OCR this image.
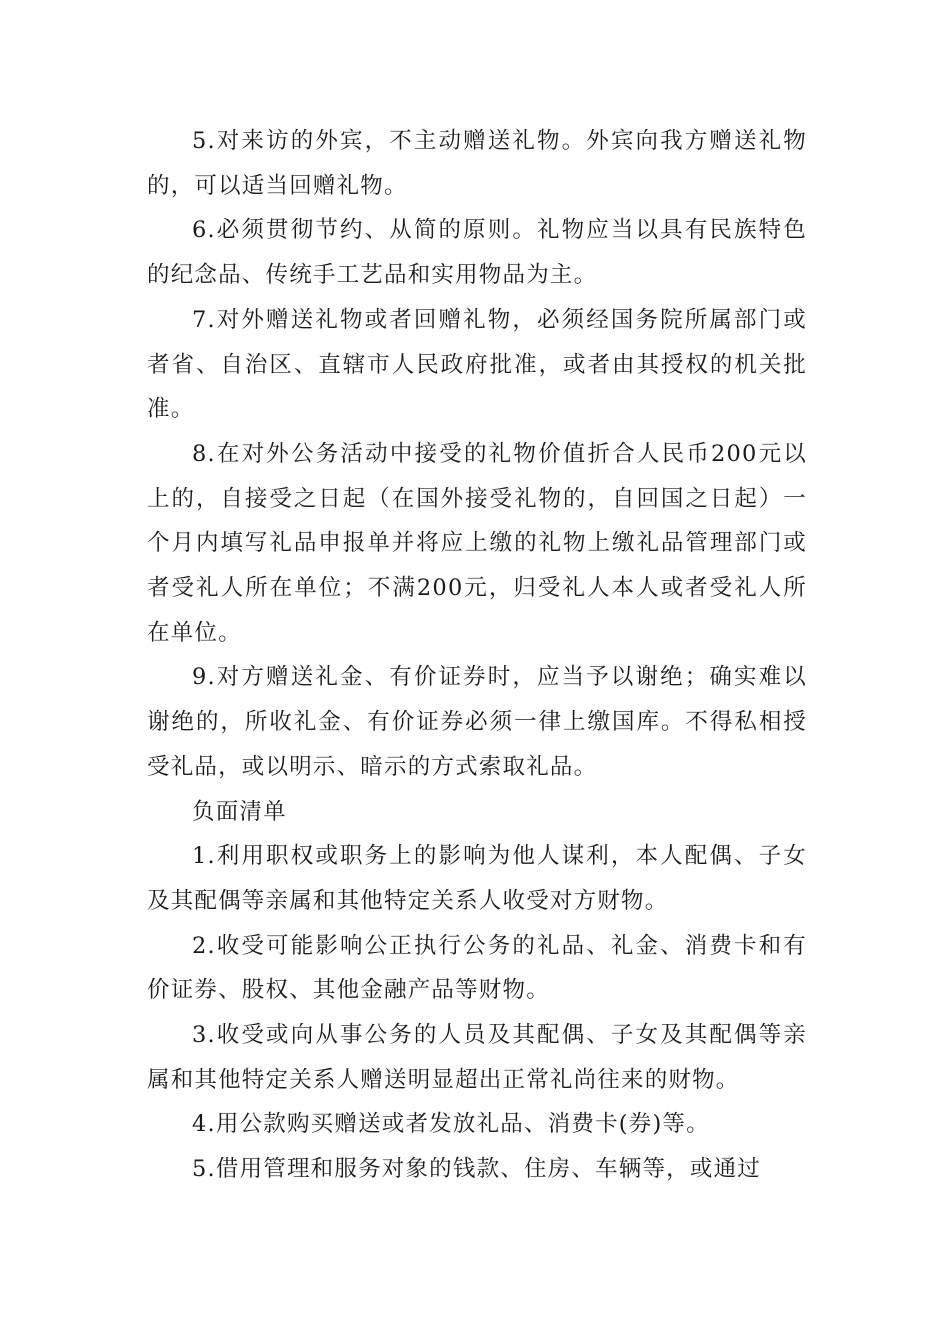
5.对来访的外宾，不主动赠送礼物。外宾向我方赠送礼物的，可以适当回赠礼物。

6.必须贯彻节约、从简的原则。礼物应当以具有民族特色的纪念品、传统手工艺品和实用物品为主。

7.对外赠送礼物或者回赠礼物，必须经国务院所属部门或者省、自治区、直辖市人民政府批准，或者由其授权的机关批准。

8.在对外公务活动中接受的礼物价值折合人民币200元以上的，自接受之日起（在国外接受礼物的，自回国之日起）一个月内填写礼品申报单并将应上缴的礼物上缴礼品管理部门或者受礼人所在单位；不满200元，归受礼人本人或者受礼人所在单位。

9.对方赠送礼金、有价证券时，应当予以谢绝；确实难以谢绝的，所收礼金、有价证券必须一律上缴国库。不得私相授受礼品，或以明示、暗示的方式索取礼品。

负面清单

1.利用职权或职务上的影响为他人谋利，本人配偶、子女及其配偶等亲属和其他特定关系人收受对方财物。

2.收受可能影响公正执行公务的礼品、礼金、消费卡和有价证券、股权、其他金融产品等财物。

3.收受或向从事公务的人员及其配偶、子女及其配偶等亲属和其他特定关系人赠送明显超出正常礼尚往来的财物。

4.用公款购买赠送或者发放礼品、消费卡(券)等。

5.借用管理和服务对象的钱款、住房、车辆等，或通过
